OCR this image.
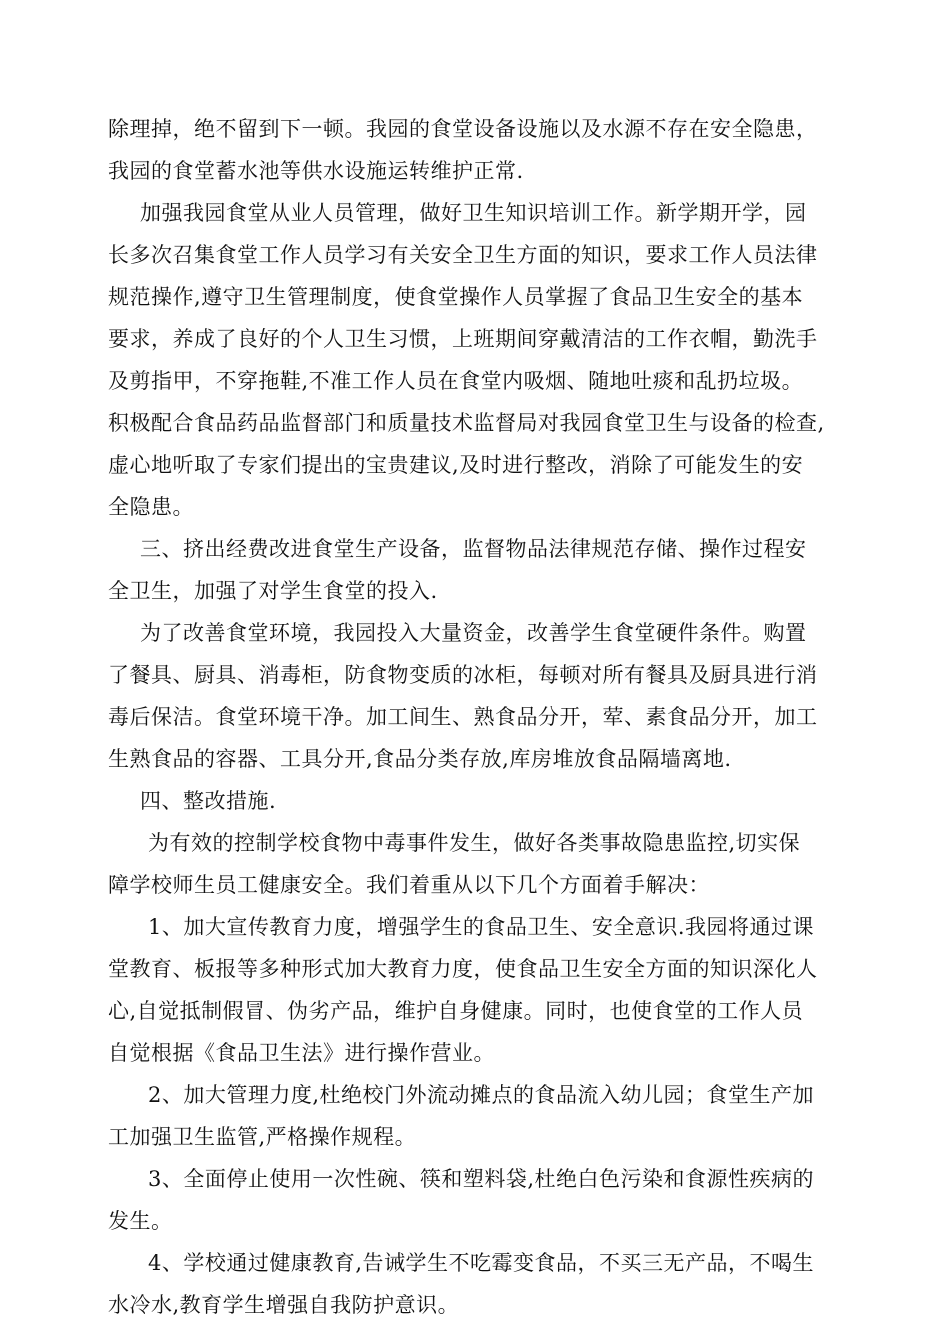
除理掉，绝不留到下一顿。我园的食堂设备设施以及水源不存在安全隐患，
我园的食堂蓄水池等供水设施运转维护正常.
加强我园食堂从业人员管理，做好卫生知识培训工作。新学期开学，园
长多次召集食堂工作人员学习有关安全卫生方面的知识，要求工作人员法律
规范操作,遵守卫生管理制度，使食堂操作人员掌握了食品卫生安全的基本
要求，养成了良好的个人卫生习惯，上班期间穿戴清洁的工作衣帽，勤洗手
及剪指甲，不穿拖鞋,不准工作人员在食堂内吸烟、随地吐痰和乱扔垃圾。
积极配合食品药品监督部门和质量技术监督局对我园食堂卫生与设备的检查,
虚心地听取了专家们提出的宝贵建议,及时进行整改，消除了可能发生的安
全隐患。
三、挤出经费改进食堂生产设备，监督物品法律规范存储、操作过程安
全卫生，加强了对学生食堂的投入.
为了改善食堂环境，我园投入大量资金，改善学生食堂硬件条件。购置
了餐具、厨具、消毒柜，防食物变质的冰柜，每顿对所有餐具及厨具进行消
毒后保洁。食堂环境干净。加工间生、熟食品分开，荤、素食品分开，加工
生熟食品的容器、工具分开,食品分类存放,库房堆放食品隔墙离地.
四、整改措施.
为有效的控制学校食物中毒事件发生，做好各类事故隐患监控,切实保
障学校师生员工健康安全。我们着重从以下几个方面着手解决：
1、加大宣传教育力度，增强学生的食品卫生、安全意识.我园将通过课
堂教育、板报等多种形式加大教育力度，使食品卫生安全方面的知识深化人
心,自觉抵制假冒、伪劣产品，维护自身健康。同时，也使食堂的工作人员
自觉根据《食品卫生法》进行操作营业。
2、加大管理力度,杜绝校门外流动摊点的食品流入幼儿园；食堂生产加
工加强卫生监管,严格操作规程。
3、全面停止使用一次性碗、筷和塑料袋,杜绝白色污染和食源性疾病的
发生。
4、学校通过健康教育,告诫学生不吃霉变食品，不买三无产品，不喝生
水冷水,教育学生增强自我防护意识。
